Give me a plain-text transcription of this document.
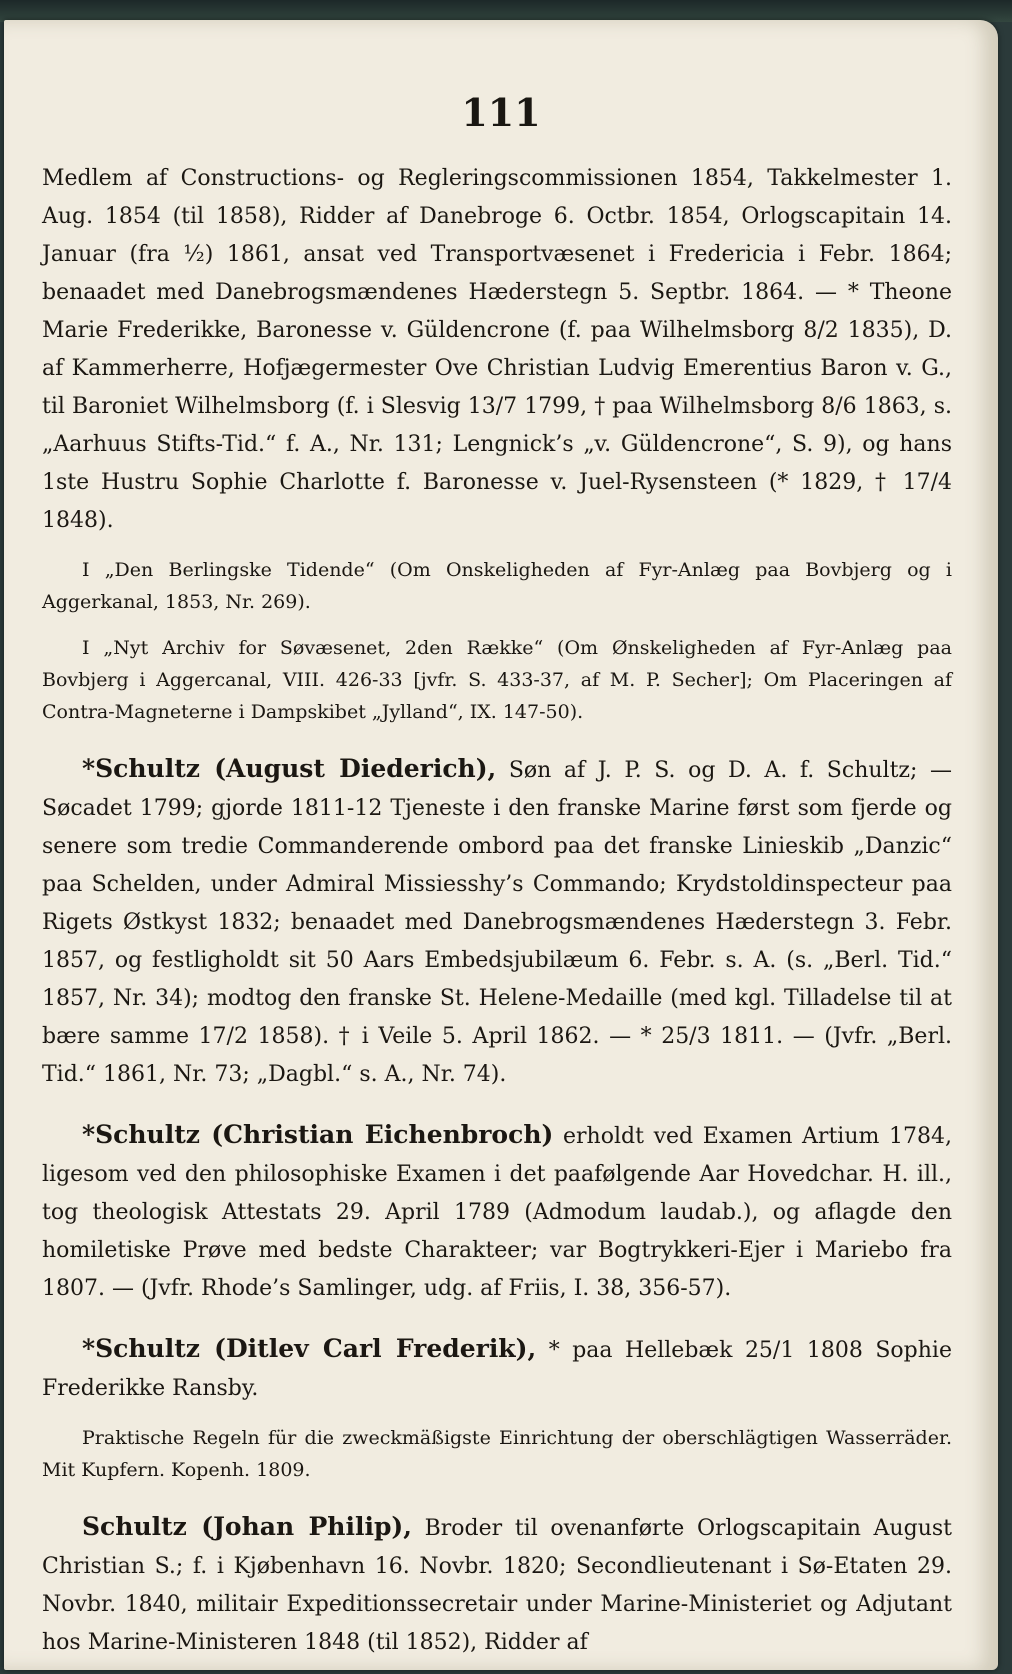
111

Medlem af Constructions- og Regleringscommissionen 1854, Takkelmester 1. Aug. 1854 (til 1858), Ridder af Danebroge 6. Octbr. 1854, Orlogscapitain 14. Januar (fra ½) 1861, ansat ved Transportvæsenet i Fredericia i Febr. 1864; benaadet med Danebrogsmændenes Hæderstegn 5. Septbr. 1864. — * Theone Marie Frederikke, Baronesse v. Güldencrone (f. paa Wilhelmsborg 8/2 1835), D. af Kammerherre, Hofjægermester Ove Christian Ludvig Emerentius Baron v. G., til Baroniet Wilhelmsborg (f. i Slesvig 13/7 1799, † paa Wilhelmsborg 8/6 1863, s. „Aarhuus Stifts-Tid.“ f. A., Nr. 131; Lengnick’s „v. Güldencrone“, S. 9), og hans 1ste Hustru Sophie Charlotte f. Baronesse v. Juel-Rysensteen (* 1829, † 17/4 1848).

I „Den Berlingske Tidende“ (Om Onskeligheden af Fyr-Anlæg paa Bovbjerg og i Aggerkanal, 1853, Nr. 269).

I „Nyt Archiv for Søvæsenet, 2den Række“ (Om Ønskeligheden af Fyr-Anlæg paa Bovbjerg i Aggercanal, VIII. 426-33 [jvfr. S. 433-37, af M. P. Secher]; Om Placeringen af Contra-Magneterne i Dampskibet „Jylland“, IX. 147-50).

*Schultz (August Diederich), Søn af J. P. S. og D. A. f. Schultz; — Søcadet 1799; gjorde 1811-12 Tjeneste i den franske Marine først som fjerde og senere som tredie Commanderende ombord paa det franske Linieskib „Danzic“ paa Schelden, under Admiral Missiesshy’s Commando; Krydstoldinspecteur paa Rigets Østkyst 1832; benaadet med Danebrogsmændenes Hæderstegn 3. Febr. 1857, og festligholdt sit 50 Aars Embedsjubilæum 6. Febr. s. A. (s. „Berl. Tid.“ 1857, Nr. 34); modtog den franske St. Helene-Medaille (med kgl. Tilladelse til at bære samme 17/2 1858). † i Veile 5. April 1862. — * 25/3 1811. — (Jvfr. „Berl. Tid.“ 1861, Nr. 73; „Dagbl.“ s. A., Nr. 74).

*Schultz (Christian Eichenbroch) erholdt ved Examen Artium 1784, ligesom ved den philosophiske Examen i det paafølgende Aar Hovedchar. H. ill., tog theologisk Attestats 29. April 1789 (Admodum laudab.), og aflagde den homiletiske Prøve med bedste Charakteer; var Bogtrykkeri-Ejer i Mariebo fra 1807. — (Jvfr. Rhode’s Samlinger, udg. af Friis, I. 38, 356-57).

*Schultz (Ditlev Carl Frederik), * paa Hellebæk 25/1 1808 Sophie Frederikke Ransby.

Praktische Regeln für die zweckmäßigste Einrichtung der oberschlägtigen Wasserräder. Mit Kupfern. Kopenh. 1809.

Schultz (Johan Philip), Broder til ovenanførte Orlogscapitain August Christian S.; f. i Kjøbenhavn 16. Novbr. 1820; Secondlieutenant i Sø-Etaten 29. Novbr. 1840, militair Expeditionssecretair under Marine-Ministeriet og Adjutant hos Marine-Ministeren 1848 (til 1852), Ridder af
